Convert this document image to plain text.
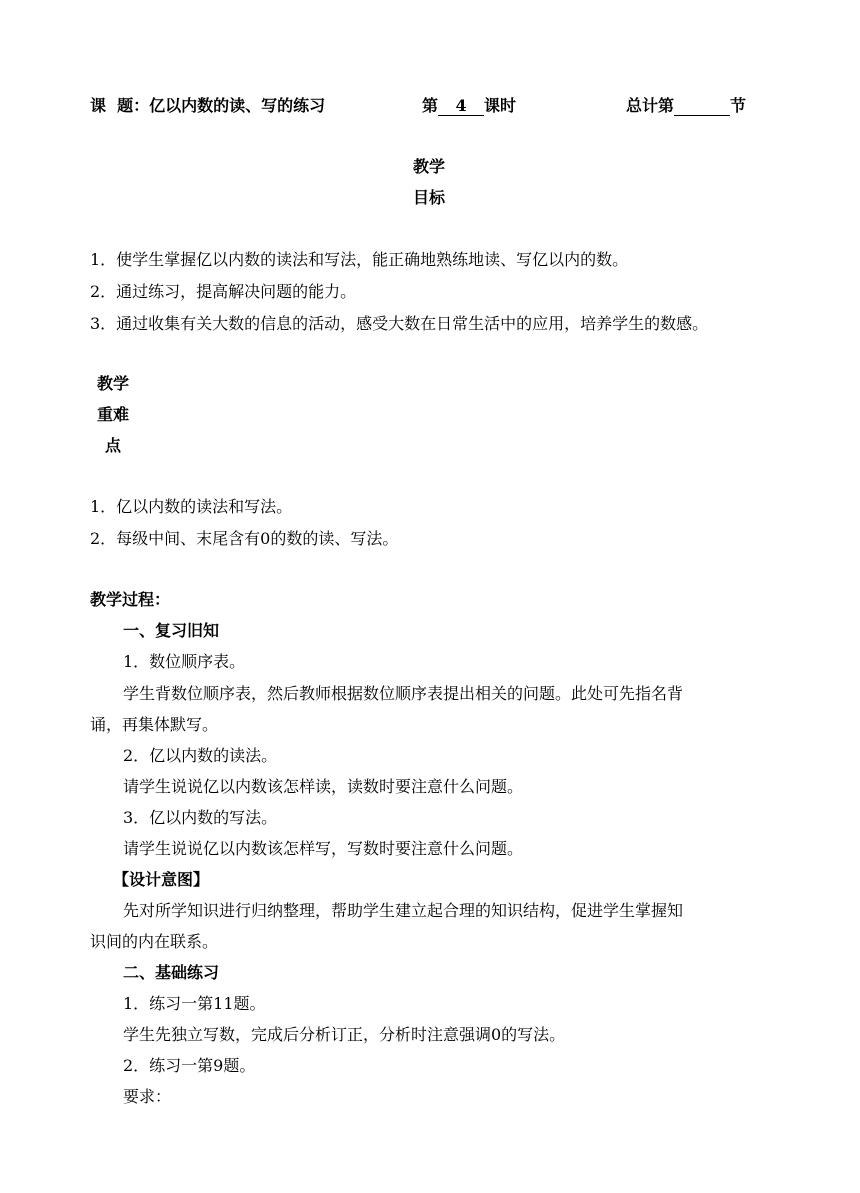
课  题：亿以内数的读、写的练习	第 4 课时	总计第	节
教学
目标
1．使学生掌握亿以内数的读法和写法，能正确地熟练地读、写亿以内的数。
2．通过练习，提高解决问题的能力。
3．通过收集有关大数的信息的活动，感受大数在日常生活中的应用，培养学生的数感。
教学
重难
点
1．亿以内数的读法和写法。
2．每级中间、末尾含有0的数的读、写法。
教学过程：
一、复习旧知
1．数位顺序表。
学生背数位顺序表，然后教师根据数位顺序表提出相关的问题。此处可先指名背
诵，再集体默写。
2．亿以内数的读法。
请学生说说亿以内数该怎样读，读数时要注意什么问题。
3．亿以内数的写法。
请学生说说亿以内数该怎样写，写数时要注意什么问题。
【设计意图】
先对所学知识进行归纳整理，帮助学生建立起合理的知识结构，促进学生掌握知
识间的内在联系。
二、基础练习
1．练习一第11题。
学生先独立写数，完成后分析订正，分析时注意强调0的写法。
2．练习一第9题。
要求：
